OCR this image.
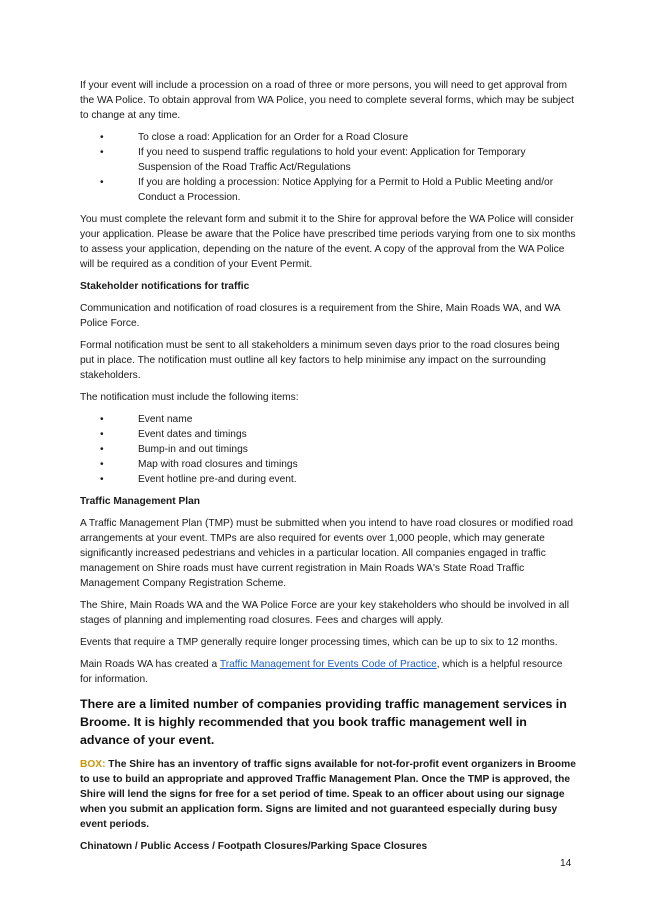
If your event will include a procession on a road of three or more persons, you will need to get approval from the WA Police. To obtain approval from WA Police, you need to complete several forms, which may be subject to change at any time.

•	To close a road: Application for an Order for a Road Closure
•	If you need to suspend traffic regulations to hold your event: Application for Temporary Suspension of the Road Traffic Act/Regulations
•	If you are holding a procession: Notice Applying for a Permit to Hold a Public Meeting and/or Conduct a Procession.

You must complete the relevant form and submit it to the Shire for approval before the WA Police will consider your application. Please be aware that the Police have prescribed time periods varying from one to six months to assess your application, depending on the nature of the event. A copy of the approval from the WA Police will be required as a condition of your Event Permit.

Stakeholder notifications for traffic

Communication and notification of road closures is a requirement from the Shire, Main Roads WA, and WA Police Force.

Formal notification must be sent to all stakeholders a minimum seven days prior to the road closures being put in place. The notification must outline all key factors to help minimise any impact on the surrounding stakeholders.

The notification must include the following items:

•	Event name
•	Event dates and timings
•	Bump-in and out timings
•	Map with road closures and timings
•	Event hotline pre-and during event.
Traffic Management Plan

A Traffic Management Plan (TMP) must be submitted when you intend to have road closures or modified road arrangements at your event. TMPs are also required for events over 1,000 people, which may generate significantly increased pedestrians and vehicles in a particular location. All companies engaged in traffic management on Shire roads must have current registration in Main Roads WA's State Road Traffic Management Company Registration Scheme.

The Shire, Main Roads WA and the WA Police Force are your key stakeholders who should be involved in all stages of planning and implementing road closures. Fees and charges will apply.

Events that require a TMP generally require longer processing times, which can be up to six to 12 months.

Main Roads WA has created a Traffic Management for Events Code of Practice, which is a helpful resource for information.

There are a limited number of companies providing traffic management services in Broome. It is highly recommended that you book traffic management well in advance of your event.

BOX: The Shire has an inventory of traffic signs available for not-for-profit event organizers in Broome to use to build an appropriate and approved Traffic Management Plan. Once the TMP is approved, the Shire will lend the signs for free for a set period of time. Speak to an officer about using our signage when you submit an application form. Signs are limited and not guaranteed especially during busy event periods.

Chinatown / Public Access / Footpath Closures/Parking Space Closures
14
